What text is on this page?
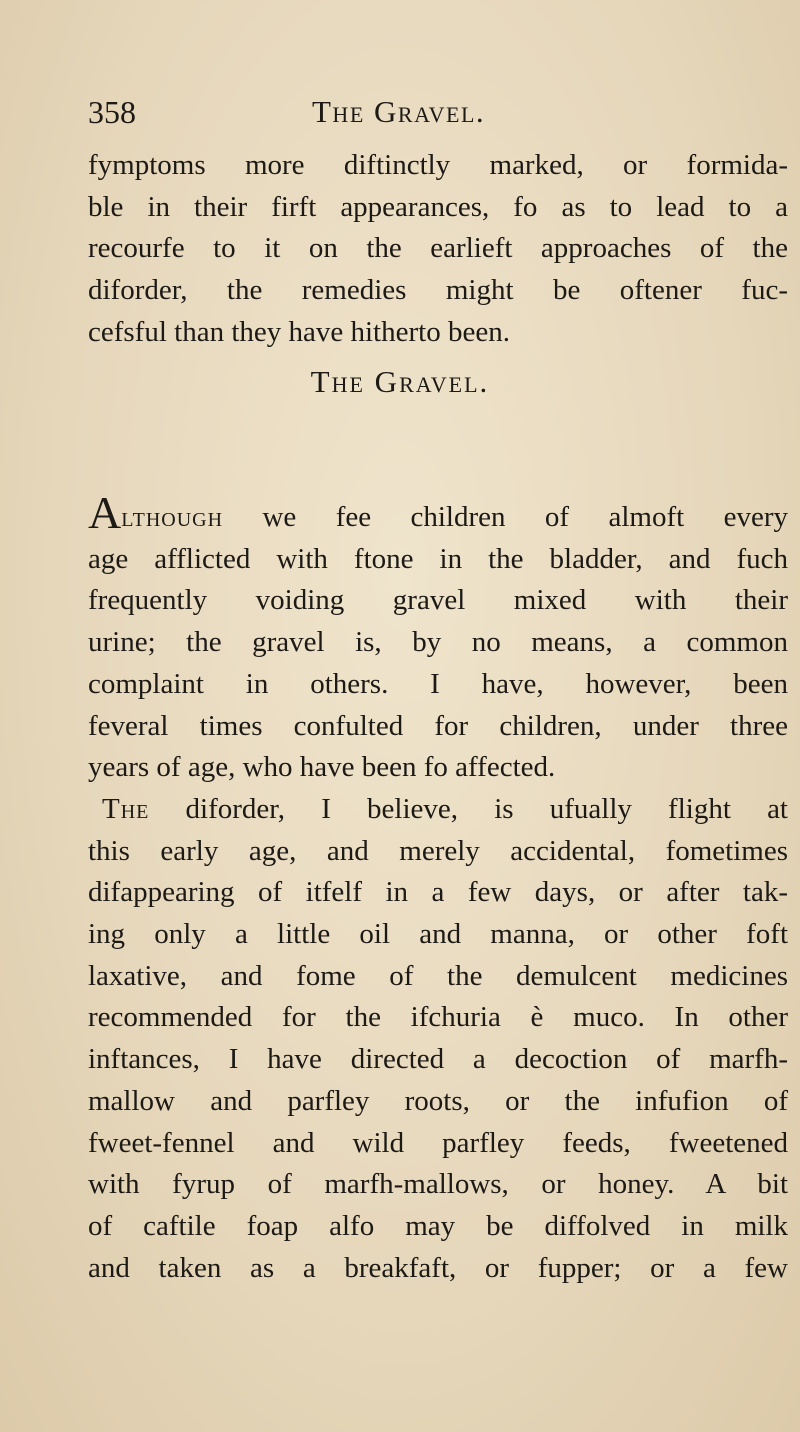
358	The Gravel.
fymptoms more diftinctly marked, or formida-
ble in their firft appearances, fo as to lead to a
recourfe to it on the earlieft approaches of the
diforder, the remedies might be oftener fuc-
cefsful than they have hitherto been.
The Gravel.
Although we fee children of almoft every
age afflicted with ftone in the bladder, and fuch
frequently voiding gravel mixed with their
urine; the gravel is, by no means, a common
complaint in others. I have, however, been
feveral times confulted for children, under three
years of age, who have been fo affected.
The diforder, I believe, is ufually flight at
this early age, and merely accidental, fometimes
difappearing of itfelf in a few days, or after tak-
ing only a little oil and manna, or other foft
laxative, and fome of the demulcent medicines
recommended for the ifchuria è muco. In other
inftances, I have directed a decoction of marfh-
mallow and parfley roots, or the infufion of
fweet-fennel and wild parfley feeds, fweetened
with fyrup of marfh-mallows, or honey. A bit
of caftile foap alfo may be diffolved in milk
and taken as a breakfaft, or fupper; or a few
